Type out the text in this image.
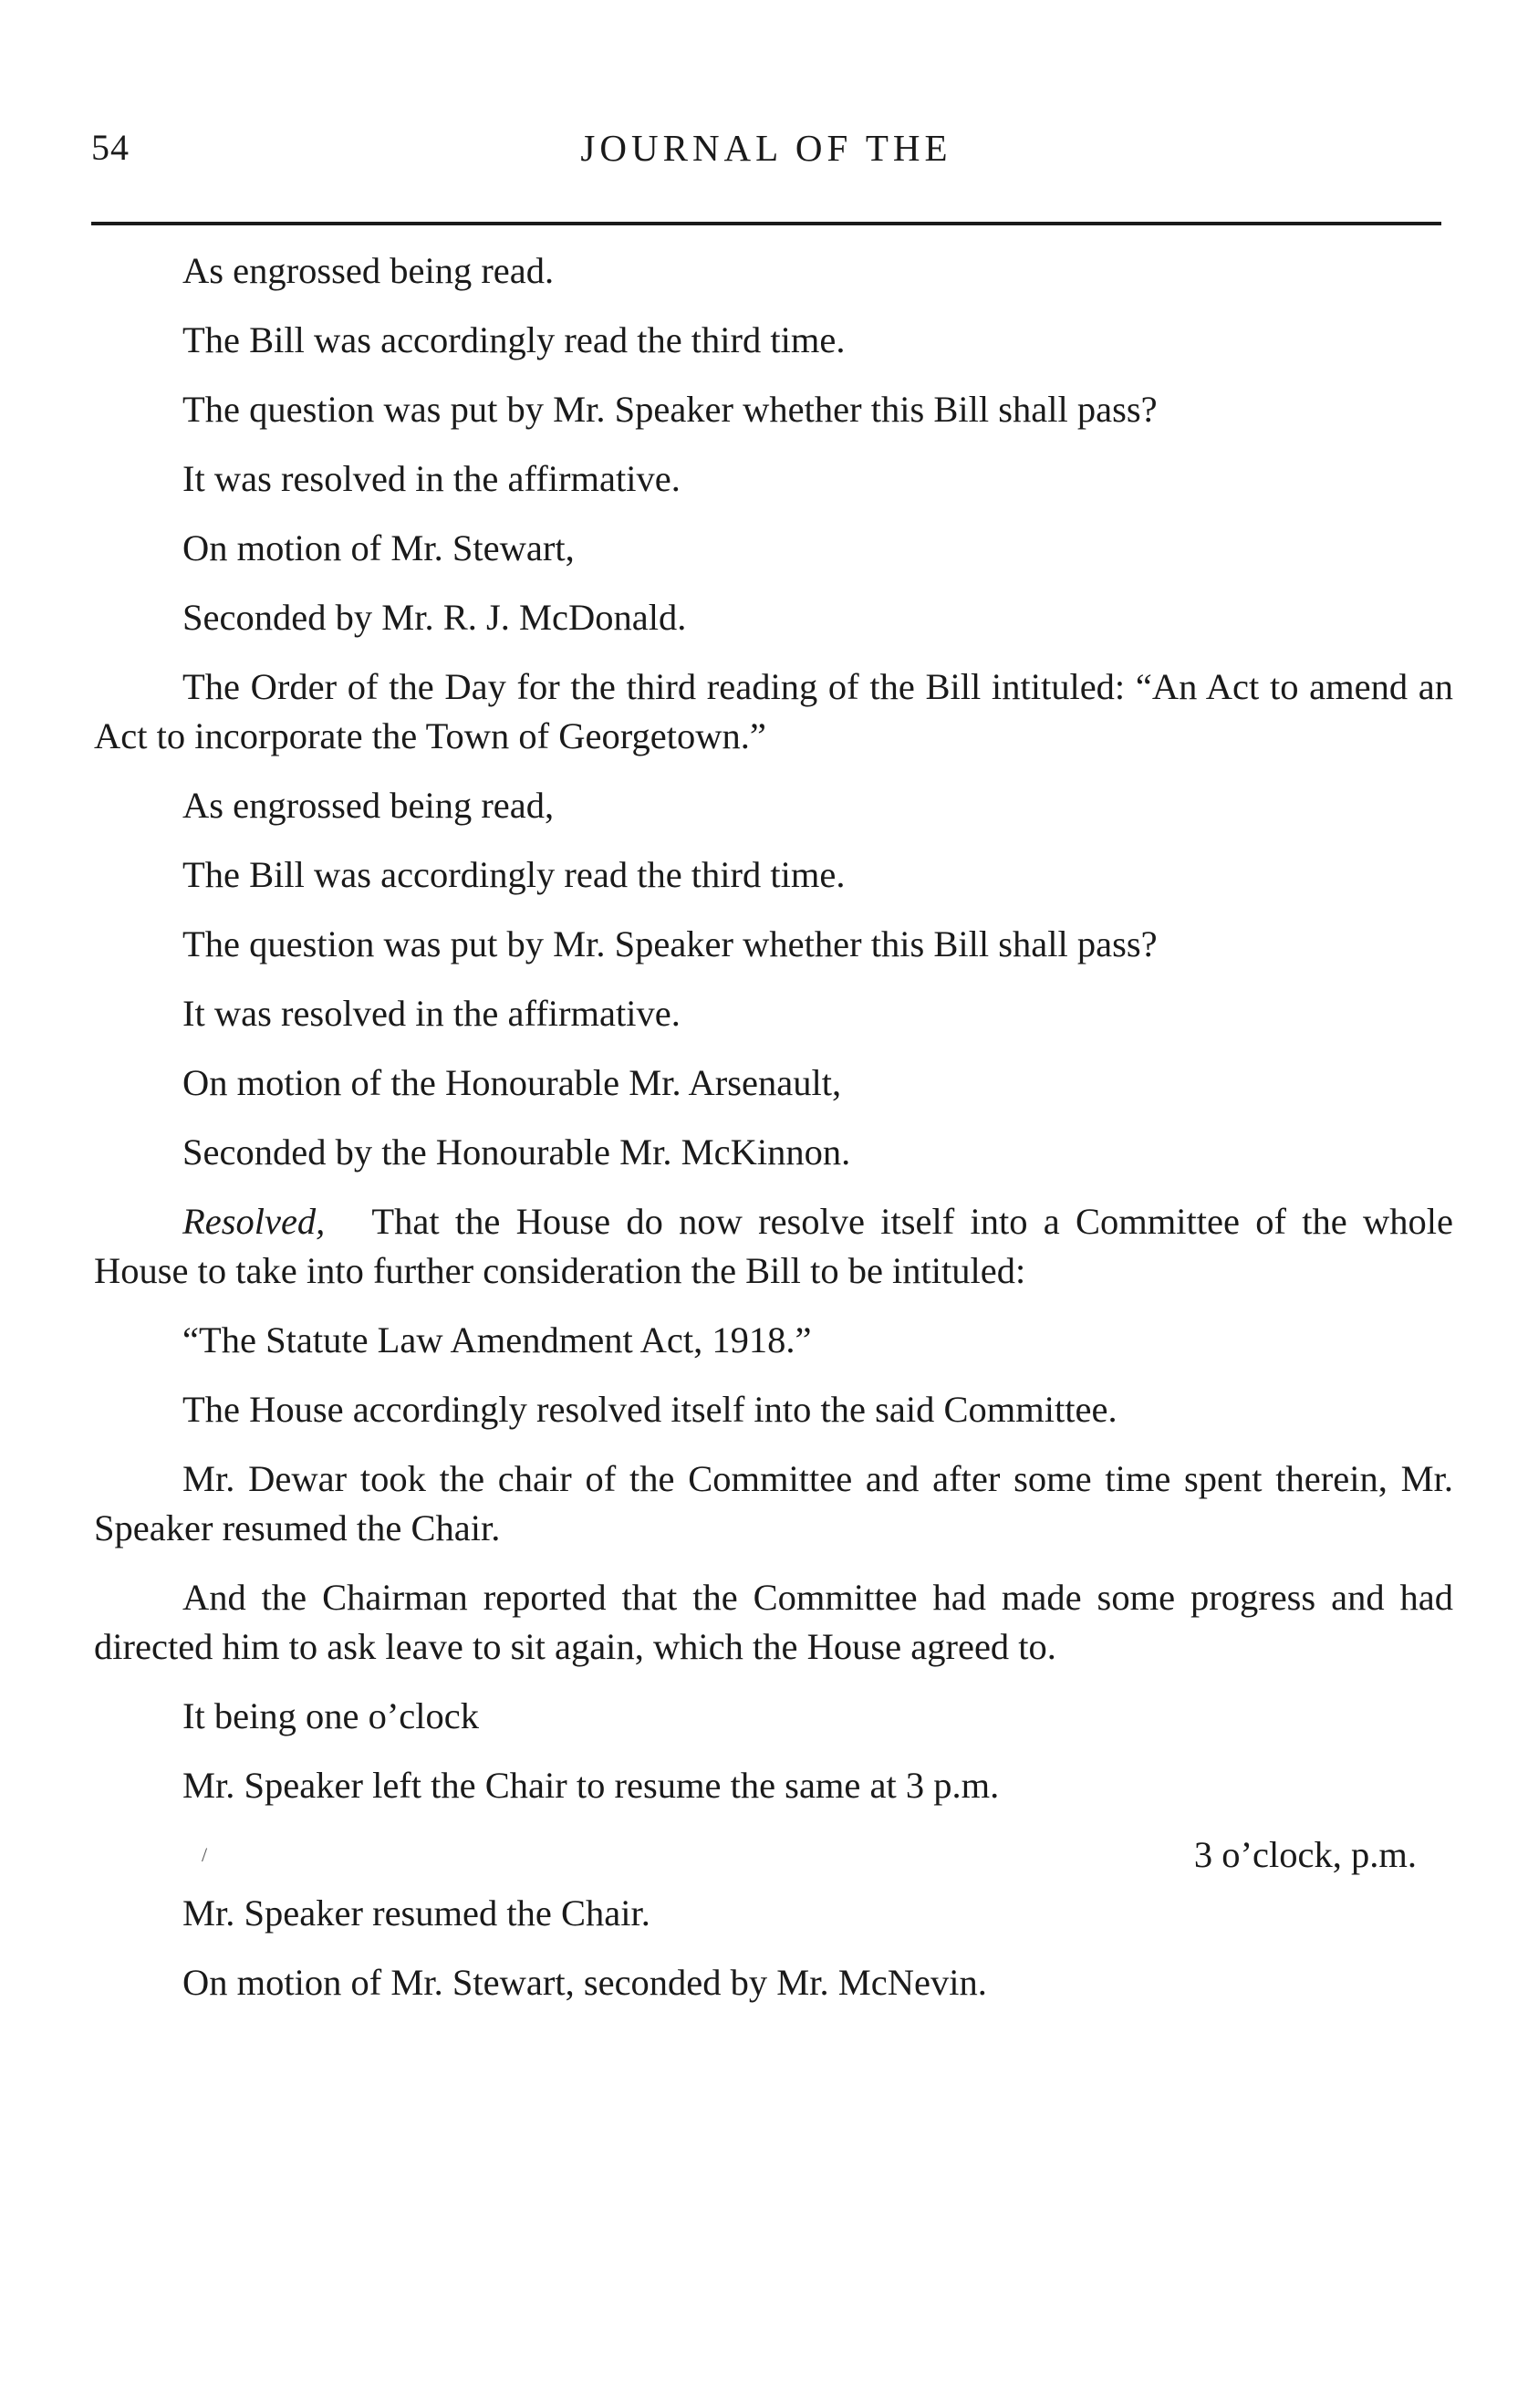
54	JOURNAL OF THE

As engrossed being read.

The Bill was accordingly read the third time.

The question was put by Mr. Speaker whether this Bill shall pass?

It was resolved in the affirmative.

On motion of Mr. Stewart,

Seconded by Mr. R. J. McDonald.

The Order of the Day for the third reading of the Bill intituled: “An Act to amend an Act to incorporate the Town of Georgetown.”

As engrossed being read,

The Bill was accordingly read the third time.

The question was put by Mr. Speaker whether this Bill shall pass?

It was resolved in the affirmative.

On motion of the Honourable Mr. Arsenault,

Seconded by the Honourable Mr. McKinnon.

Resolved, That the House do now resolve itself into a Committee of the whole House to take into further consideration the Bill to be intituled:

“The Statute Law Amendment Act, 1918.”

The House accordingly resolved itself into the said Committee.

Mr. Dewar took the chair of the Committee and after some time spent therein, Mr. Speaker resumed the Chair.

And the Chairman reported that the Committee had made some progress and had directed him to ask leave to sit again, which the House agreed to.

It being one o’clock

Mr. Speaker left the Chair to resume the same at 3 p.m.

/	3 o’clock, p.m.

Mr. Speaker resumed the Chair.

On motion of Mr. Stewart, seconded by Mr. McNevin.
